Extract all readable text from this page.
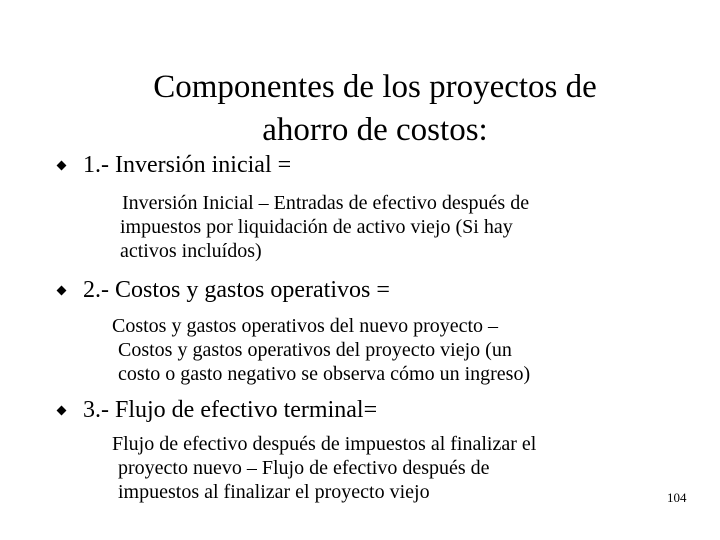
Componentes de los proyectos de
ahorro de costos:
1.- Inversión inicial =
Inversión Inicial – Entradas de efectivo después de
impuestos por liquidación de activo viejo (Si hay
activos incluídos)
2.- Costos y gastos operativos =
Costos y gastos operativos del nuevo proyecto –
Costos y gastos operativos del proyecto viejo (un
costo o gasto negativo se observa cómo un ingreso)
3.- Flujo de efectivo terminal=
Flujo de efectivo después de impuestos al finalizar el
proyecto nuevo – Flujo de efectivo después de
impuestos al finalizar el proyecto viejo	104
